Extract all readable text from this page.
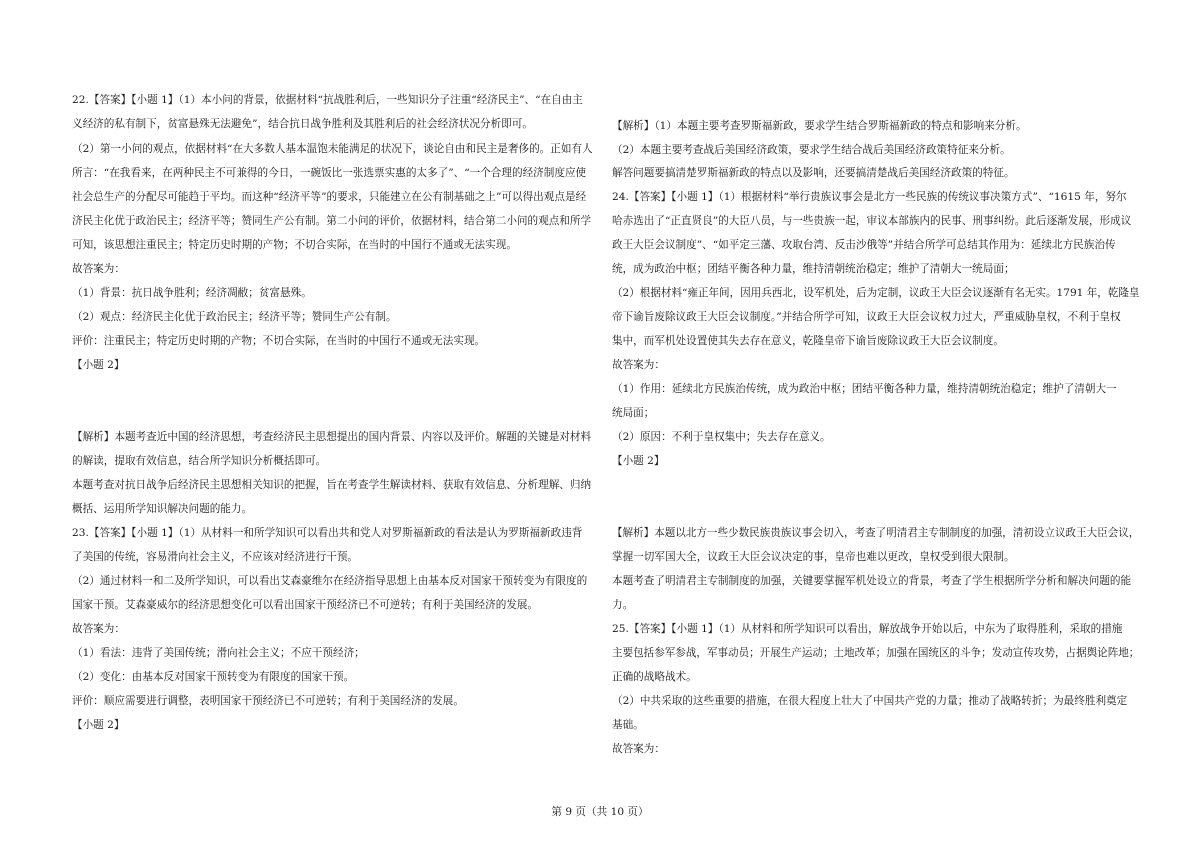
22.【答案】【小题 1】（1）本小问的背景，依据材料“抗战胜利后，一些知识分子注重“经济民主”、“在自由主
义经济的私有制下，贫富悬殊无法避免”，结合抗日战争胜利及其胜利后的社会经济状况分析即可。
（2）第一小问的观点，依据材料“在大多数人基本温饱未能满足的状况下，谈论自由和民主是奢侈的。正如有人
所言：“在我看来，在两种民主不可兼得的今日，一碗饭比一张选票实惠的太多了”、“一个合理的经济制度应使
社会总生产的分配尽可能趋于平均。而这种“经济平等”的要求，只能建立在公有制基础之上”可以得出观点是经
济民主化优于政治民主；经济平等；赞同生产公有制。第二小问的评价，依据材料，结合第二小问的观点和所学
可知，该思想注重民主；特定历史时期的产物；不切合实际，在当时的中国行不通或无法实现。
故答案为：
（1）背景：抗日战争胜利；经济凋敝；贫富悬殊。
（2）观点：经济民主化优于政治民主；经济平等；赞同生产公有制。
评价：注重民主；特定历史时期的产物；不切合实际，在当时的中国行不通或无法实现。
【小题 2】
【解析】本题考查近中国的经济思想，考查经济民主思想提出的国内背景、内容以及评价。解题的关键是对材料
的解读，提取有效信息，结合所学知识分析概括即可。
本题考查对抗日战争后经济民主思想相关知识的把握，旨在考查学生解读材料、获取有效信息、分析理解、归纳
概括、运用所学知识解决问题的能力。
23.【答案】【小题 1】（1）从材料一和所学知识可以看出共和党人对罗斯福新政的看法是认为罗斯福新政违背
了美国的传统，容易滑向社会主义，不应该对经济进行干预。
（2）通过材料一和二及所学知识，可以看出艾森豪维尔在经济指导思想上由基本反对国家干预转变为有限度的
国家干预。艾森豪威尔的经济思想变化可以看出国家干预经济已不可逆转；有利于美国经济的发展。
故答案为：
（1）看法：违背了美国传统；滑向社会主义；不应干预经济；
（2）变化：由基本反对国家干预转变为有限度的国家干预。
评价：顺应需要进行调整，表明国家干预经济已不可逆转；有利于美国经济的发展。
【小题 2】
【解析】（1）本题主要考查罗斯福新政，要求学生结合罗斯福新政的特点和影响来分析。
（2）本题主要考查战后美国经济政策，要求学生结合战后美国经济政策特征来分析。
解答问题要搞清楚罗斯福新政的特点以及影响，还要搞清楚战后美国经济政策的特征。
24.【答案】【小题 1】（1）根据材料“举行贵族议事会是北方一些民族的传统议事决策方式”、“1615 年，努尔
哈赤选出了“正直贤良”的大臣八员，与一些贵族一起，审议本部族内的民事、刑事纠纷。此后逐渐发展，形成议
政王大臣会议制度”、“如平定三藩、攻取台湾、反击沙俄等”并结合所学可总结其作用为：延续北方民族治传
统，成为政治中枢；团结平衡各种力量，维持清朝统治稳定；维护了清朝大一统局面；
（2）根据材料“雍正年间，因用兵西北，设军机处，后为定制，议政王大臣会议逐渐有名无实。1791 年，乾隆皇
帝下谕旨废除议政王大臣会议制度。”并结合所学可知，议政王大臣会议权力过大，严重威胁皇权，不利于皇权
集中，而军机处设置使其失去存在意义，乾隆皇帝下谕旨废除议政王大臣会议制度。
故答案为：
（1）作用：延续北方民族治传统，成为政治中枢；团结平衡各种力量，维持清朝统治稳定；维护了清朝大一
统局面；
（2）原因：不利于皇权集中；失去存在意义。
【小题 2】
【解析】本题以北方一些少数民族贵族议事会切入，考查了明清君主专制制度的加强，清初设立议政王大臣会议，
掌握一切军国大全，议政王大臣会议决定的事，皇帝也难以更改，皇权受到很大限制。
本题考查了明清君主专制制度的加强，关键要掌握军机处设立的背景，考查了学生根据所学分析和解决问题的能
力。
25.【答案】【小题 1】（1）从材料和所学知识可以看出，解放战争开始以后，中东为了取得胜利，采取的措施
主要包括参军参战，军事动员；开展生产运动；土地改革；加强在国统区的斗争；发动宣传攻势，占据舆论阵地；
正确的战略战术。
（2）中共采取的这些重要的措施，在很大程度上壮大了中国共产党的力量；推动了战略转折；为最终胜利奠定
基础。
故答案为：
第 9 页（共 10 页）
